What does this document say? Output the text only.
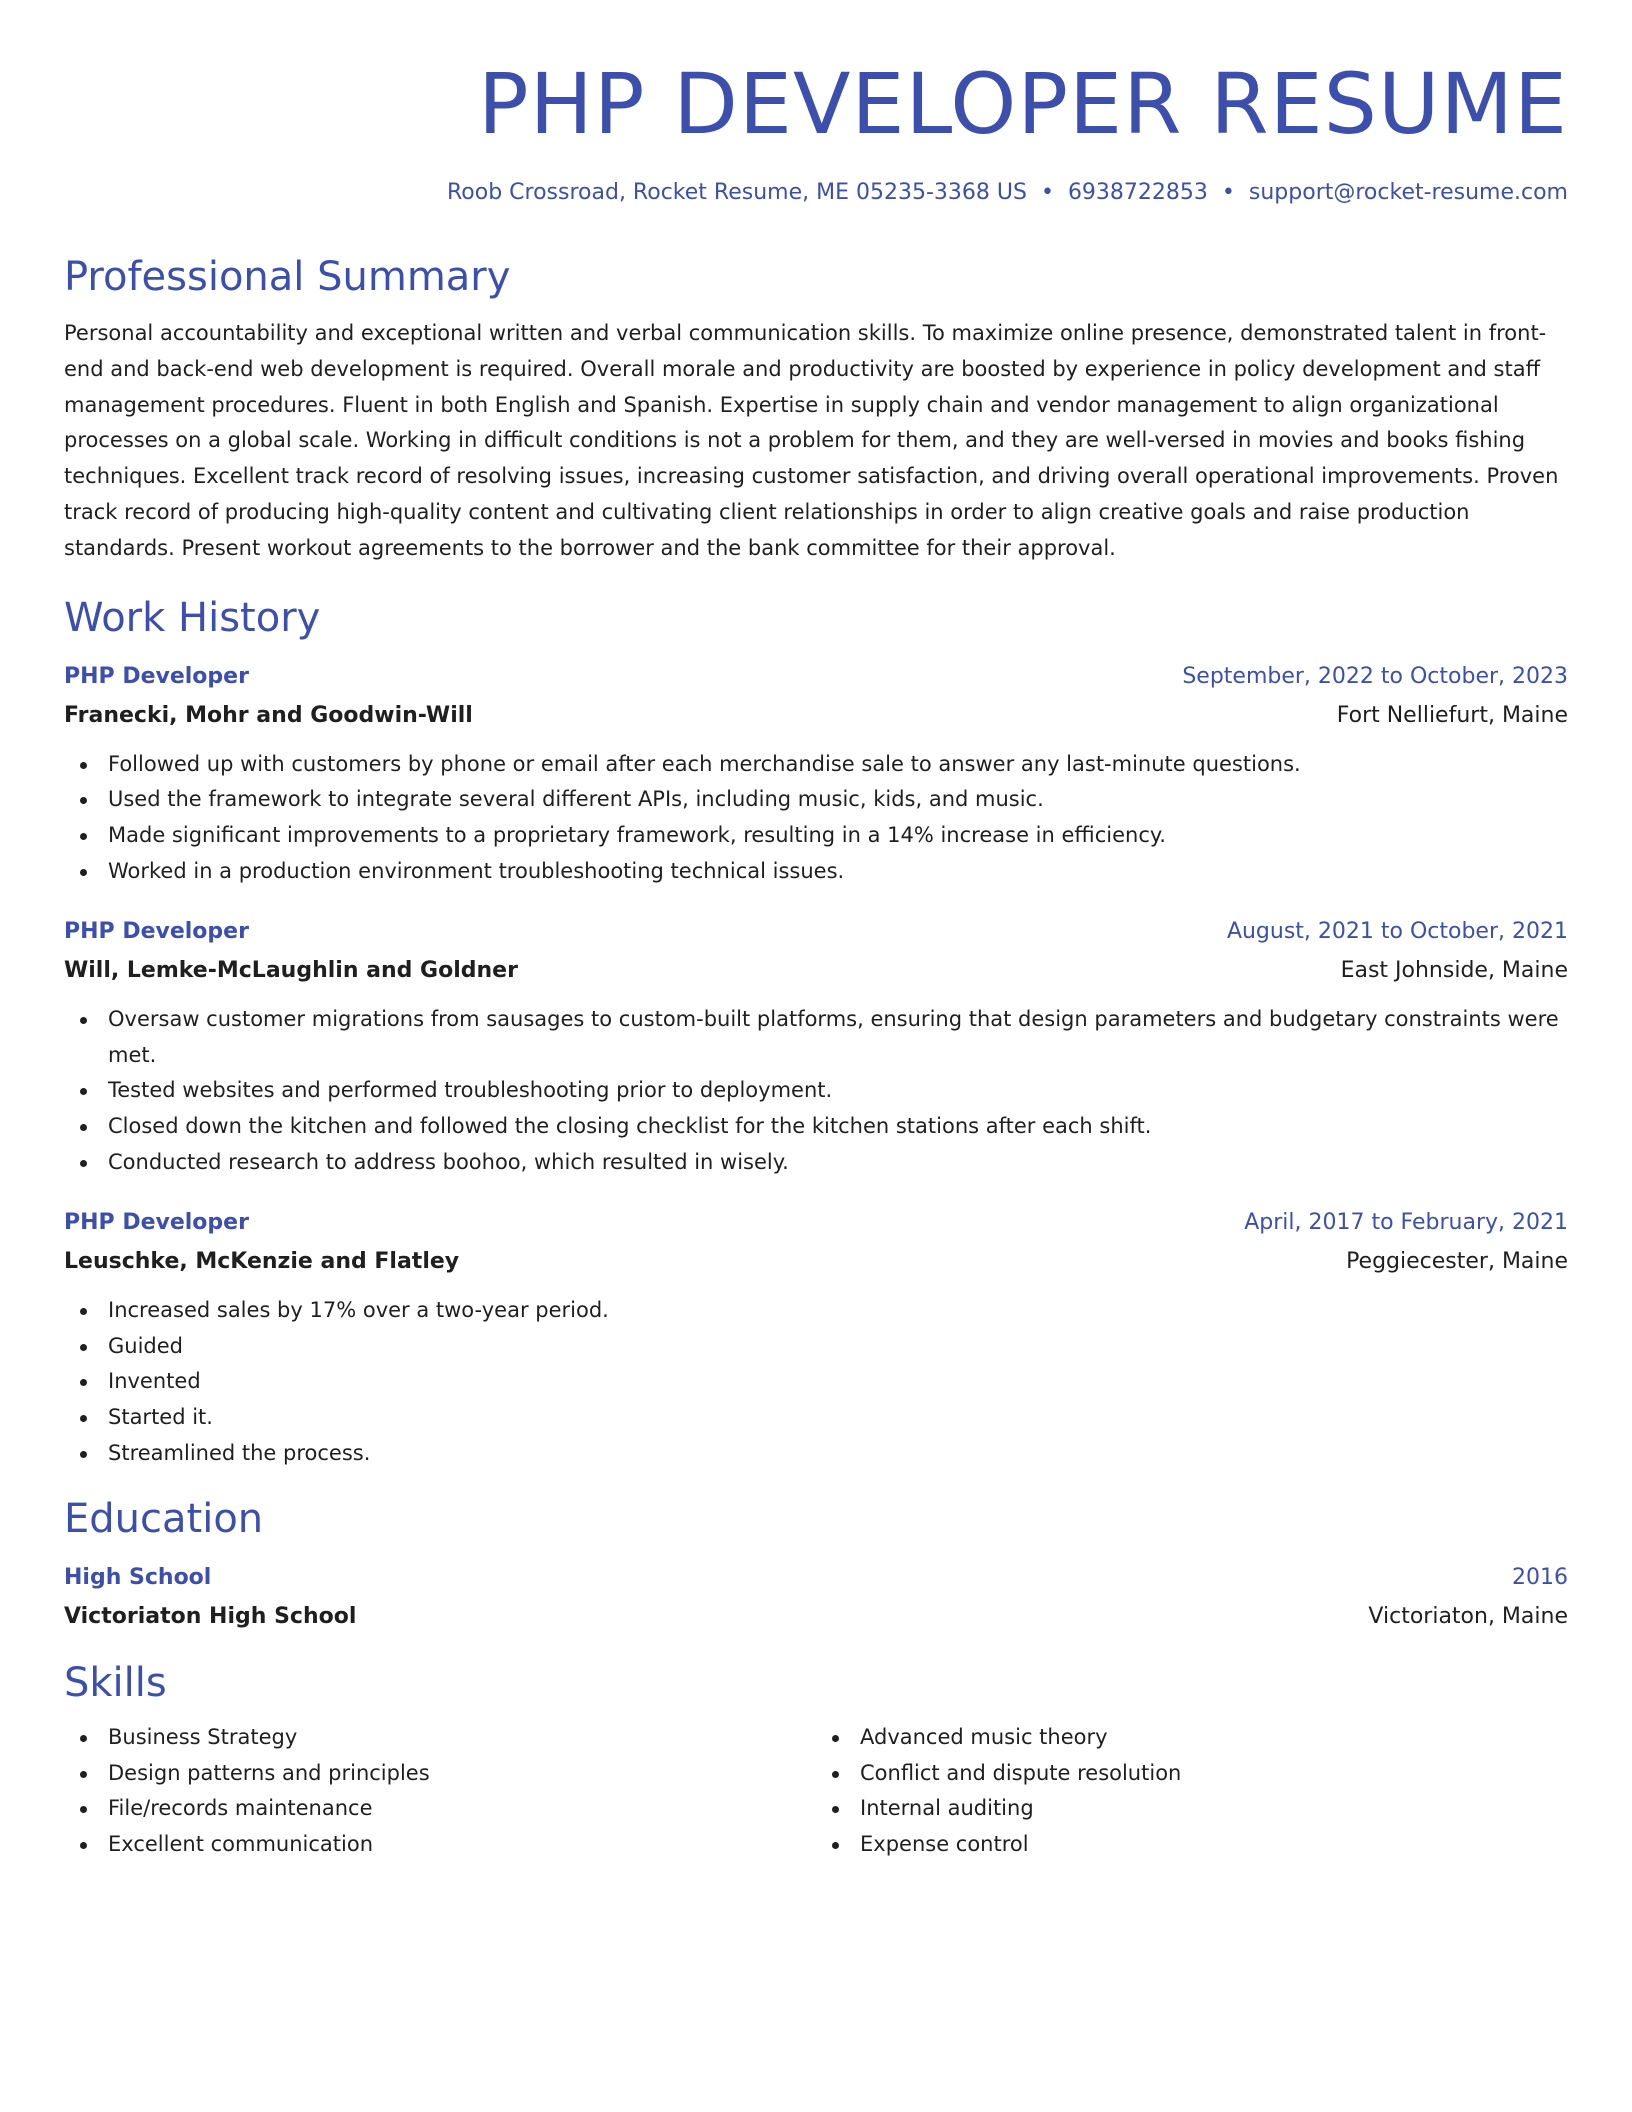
PHP DEVELOPER RESUME
Roob Crossroad, Rocket Resume, ME 05235-3368 US • 6938722853 • support@rocket-resume.com
Professional Summary
Personal accountability and exceptional written and verbal communication skills. To maximize online presence, demonstrated talent in front-end and back-end web development is required. Overall morale and productivity are boosted by experience in policy development and staff management procedures. Fluent in both English and Spanish. Expertise in supply chain and vendor management to align organizational processes on a global scale. Working in difficult conditions is not a problem for them, and they are well-versed in movies and books fishing techniques. Excellent track record of resolving issues, increasing customer satisfaction, and driving overall operational improvements. Proven track record of producing high-quality content and cultivating client relationships in order to align creative goals and raise production standards. Present workout agreements to the borrower and the bank committee for their approval.
Work History
PHP Developer	September, 2022 to October, 2023
Franecki, Mohr and Goodwin-Will	Fort Nelliefurt, Maine
Followed up with customers by phone or email after each merchandise sale to answer any last-minute questions.
Used the framework to integrate several different APIs, including music, kids, and music.
Made significant improvements to a proprietary framework, resulting in a 14% increase in efficiency.
Worked in a production environment troubleshooting technical issues.
PHP Developer	August, 2021 to October, 2021
Will, Lemke-McLaughlin and Goldner	East Johnside, Maine
Oversaw customer migrations from sausages to custom-built platforms, ensuring that design parameters and budgetary constraints were met.
Tested websites and performed troubleshooting prior to deployment.
Closed down the kitchen and followed the closing checklist for the kitchen stations after each shift.
Conducted research to address boohoo, which resulted in wisely.
PHP Developer	April, 2017 to February, 2021
Leuschke, McKenzie and Flatley	Peggiecester, Maine
Increased sales by 17% over a two-year period.
Guided
Invented
Started it.
Streamlined the process.
Education
High School	2016
Victoriaton High School	Victoriaton, Maine
Skills
Business Strategy
Design patterns and principles
File/records maintenance
Excellent communication
Advanced music theory
Conflict and dispute resolution
Internal auditing
Expense control
